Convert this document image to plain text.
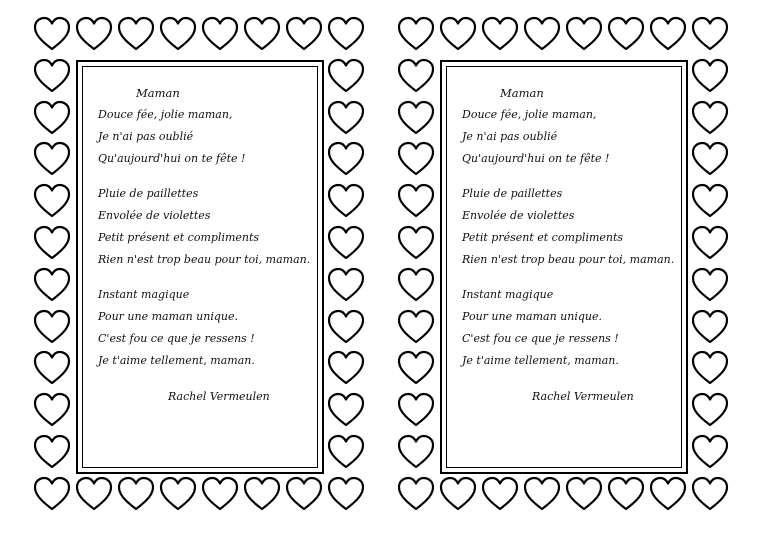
Maman
Douce fée, jolie maman,
Je n'ai pas oublié
Qu'aujourd'hui on te fête !
Pluie de paillettes
Envolée de violettes
Petit présent et compliments
Rien n'est trop beau pour toi, maman.
Instant magique
Pour une maman unique.
C'est fou ce que je ressens !
Je t'aime tellement, maman.
Rachel Vermeulen
Maman
Douce fée, jolie maman,
Je n'ai pas oublié
Qu'aujourd'hui on te fête !
Pluie de paillettes
Envolée de violettes
Petit présent et compliments
Rien n'est trop beau pour toi, maman.
Instant magique
Pour une maman unique.
C'est fou ce que je ressens !
Je t'aime tellement, maman.
Rachel Vermeulen
